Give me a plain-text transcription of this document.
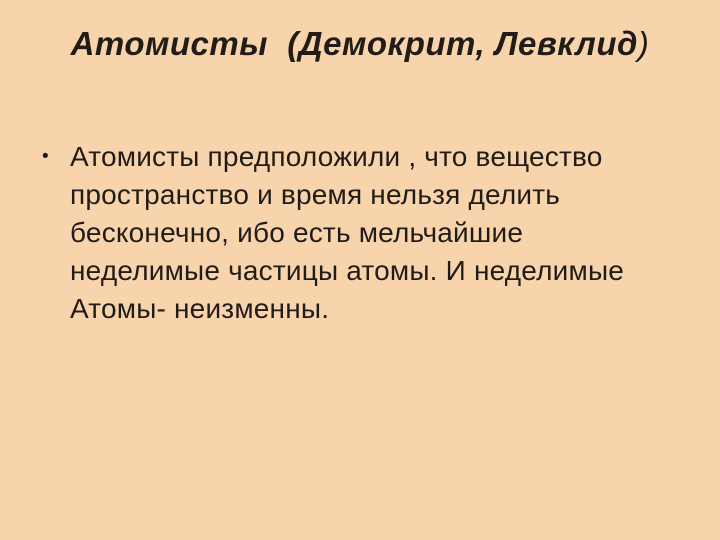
Атомисты  (Демокрит, Левклид)
• Атомисты предположили , что вещество
пространство и время нельзя делить
бесконечно, ибо есть мельчайшие
неделимые частицы атомы. И неделимые
Атомы- неизменны.
